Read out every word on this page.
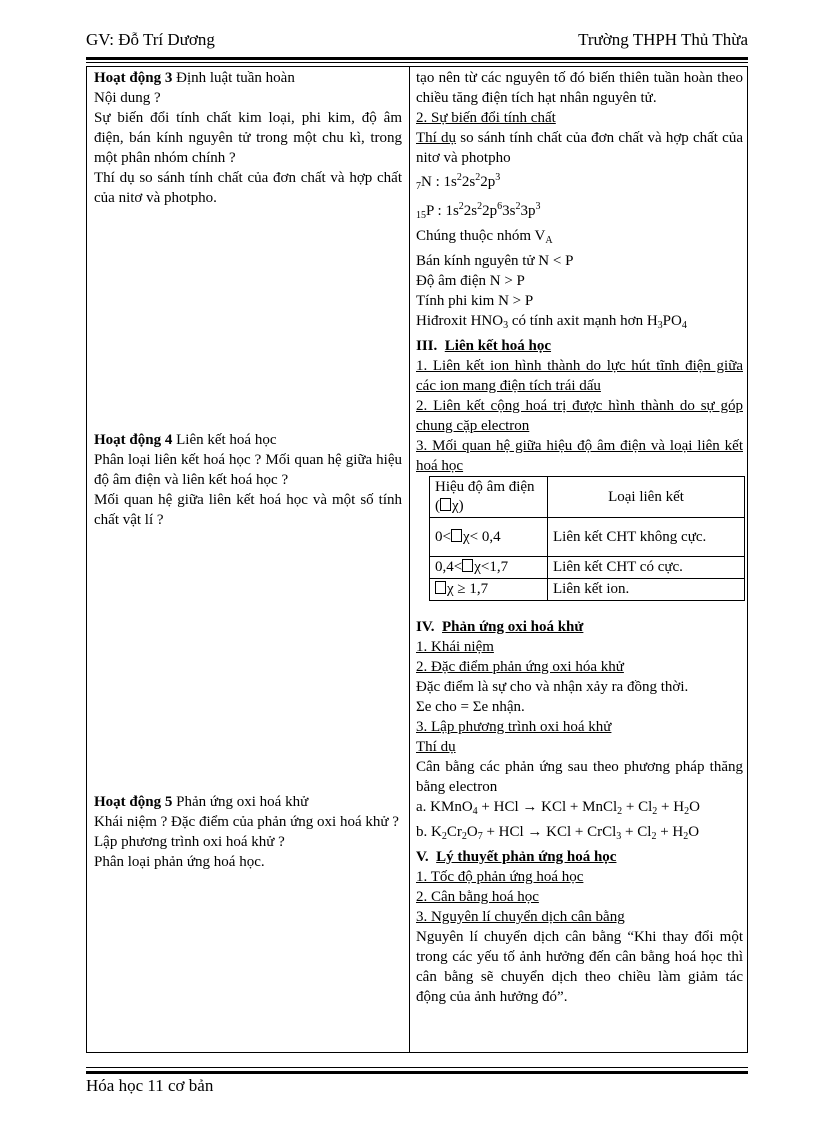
GV: Đỗ Trí Dương	Trường THPH Thủ Thừa

Hoạt động 3 Định luật tuần hoàn

Nội dung ?

Sự biến đổi tính chất kim loại, phi kim, độ âm điện, bán kính nguyên tử trong một chu kì, trong một phân nhóm chính ?

Thí dụ so sánh tính chất của đơn chất và hợp chất của nitơ và photpho.

Hoạt động 4 Liên kết hoá học

Phân loại liên kết hoá học ? Mối quan hệ giữa hiệu độ âm điện và liên kết hoá học ?

Mối quan hệ giữa liên kết hoá học và một số tính chất vật lí ?

Hoạt động 5 Phản ứng oxi hoá khử

Khái niệm ? Đặc điểm của phản ứng oxi hoá khử ?

Lập phương trình oxi hoá khử ?

Phân loại phản ứng hoá học.

tạo nên từ các nguyên tố đó biến thiên tuần hoàn theo chiều tăng điện tích hạt nhân nguyên tử.

2. Sự biến đổi tính chất

Thí dụ so sánh tính chất của đơn chất và hợp chất của nitơ và photpho

$_7$N : $1s^22s^22p^3$

$_{15}$P : $1s^22s^22p^63s^23p^3$

Chúng thuộc nhóm $V_A$

Bán kính nguyên tử N < P

Độ âm điện N > P

Tính phi kim N > P

Hiđroxit $HNO_3$ có tính axit mạnh hơn $H_3PO_4$

III. Liên kết hoá học

1. Liên kết ion hình thành do lực hút tĩnh điện giữa các ion mang điện tích trái dấu

2. Liên kết cộng hoá trị được hình thành do sự góp chung cặp electron

3. Mối quan hệ giữa hiệu độ âm điện và loại liên kết hoá học

Hiệu độ âm điện ( χ)	Loại liên kết
0< χ< 0,4	Liên kết CHT không cực.
0,4< χ<1,7	Liên kết CHT có cực.
χ ≥ 1,7	Liên kết ion.

IV. Phản ứng oxi hoá khử

1. Khái niệm

2. Đặc điểm phản ứng oxi hóa khử

Đặc điểm là sự cho và nhận xảy ra đồng thời.

Σe cho = Σe nhận.

3. Lập phương trình oxi hoá khử

Thí dụ

Cân bằng các phản ứng sau theo phương pháp thăng bằng electron

a. KMnO$_4$ + HCl → KCl + MnCl$_2$ + $Cl_2 + H_2O$

b. $K_2Cr_2O_7$ + HCl → KCl + CrCl$_3$ + $Cl_2 + H_2O$

V. Lý thuyết phản ứng hoá học

1. Tốc độ phản ứng hoá học

2. Cân bằng hoá học

3. Nguyên lí chuyển dịch cân bằng

Nguyên lí chuyển dịch cân bằng “Khi thay đổi một trong các yếu tố ảnh hưởng đến cân bằng hoá học thì cân bằng sẽ chuyển dịch theo chiều làm giảm tác động của ảnh hưởng đó”.

Hóa học 11 cơ bản
